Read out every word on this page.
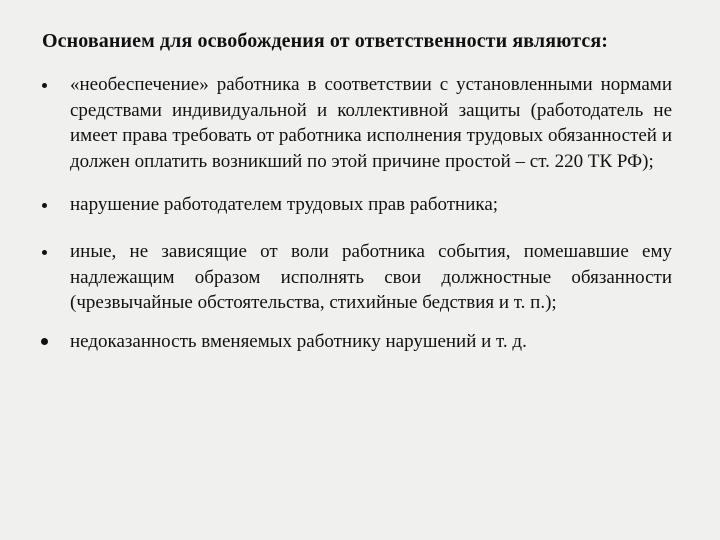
Основанием для освобождения от ответственности являются:
«необеспечение» работника в соответствии с установленными нормами средствами индивидуальной и коллективной защиты (работодатель не имеет права требовать от работника исполнения трудовых обязанностей и должен оплатить возникший по этой причине простой – ст. 220 ТК РФ);
нарушение работодателем трудовых прав работника;
иные, не зависящие от воли работника события, помешавшие ему надлежащим образом исполнять свои должностные обязанности (чрезвычайные обстоятельства, стихийные бедствия и т. п.);
недоказанность вменяемых работнику нарушений и т. д.
